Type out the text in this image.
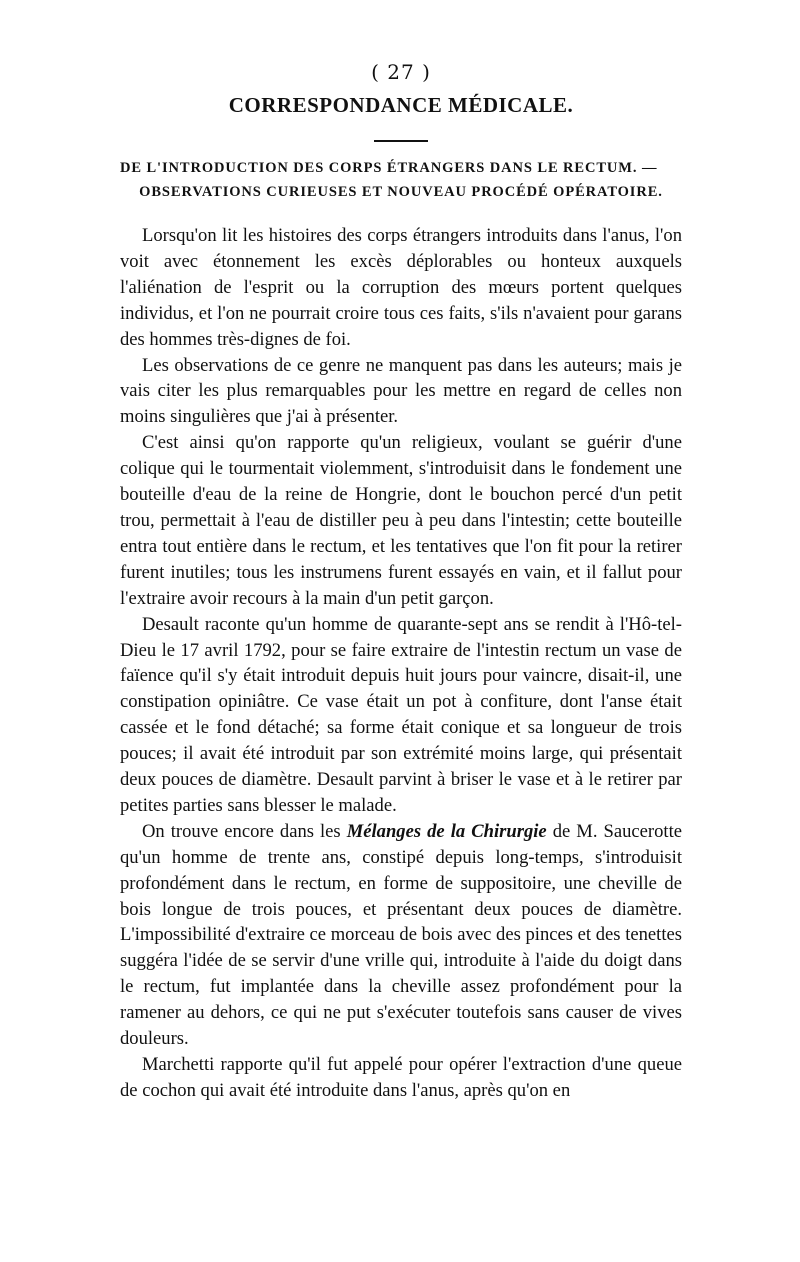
( 27 )
CORRESPONDANCE MÉDICALE.
DE L'INTRODUCTION DES CORPS ÉTRANGERS DANS LE RECTUM. —
OBSERVATIONS CURIEUSES ET NOUVEAU PROCÉDÉ OPÉRATOIRE.

Lorsqu'on lit les histoires des corps étrangers introduits dans l'anus, l'on voit avec étonnement les excès déplorables ou honteux auxquels l'aliénation de l'esprit ou la corruption des mœurs portent quelques individus, et l'on ne pourrait croire tous ces faits, s'ils n'avaient pour garans des hommes très-dignes de foi.

Les observations de ce genre ne manquent pas dans les auteurs; mais je vais citer les plus remarquables pour les mettre en regard de celles non moins singulières que j'ai à présenter.

C'est ainsi qu'on rapporte qu'un religieux, voulant se guérir d'une colique qui le tourmentait violemment, s'introduisit dans le fondement une bouteille d'eau de la reine de Hongrie, dont le bouchon percé d'un petit trou, permettait à l'eau de distiller peu à peu dans l'intestin; cette bouteille entra tout entière dans le rectum, et les tentatives que l'on fit pour la retirer furent inutiles; tous les instrumens furent essayés en vain, et il fallut pour l'extraire avoir recours à la main d'un petit garçon.

Desault raconte qu'un homme de quarante-sept ans se rendit à l'Hô-tel-Dieu le 17 avril 1792, pour se faire extraire de l'intestin rectum un vase de faïence qu'il s'y était introduit depuis huit jours pour vaincre, disait-il, une constipation opiniâtre. Ce vase était un pot à confiture, dont l'anse était cassée et le fond détaché; sa forme était conique et sa longueur de trois pouces; il avait été introduit par son extrémité moins large, qui présentait deux pouces de diamètre. Desault parvint à briser le vase et à le retirer par petites parties sans blesser le malade.

On trouve encore dans les Mélanges de la Chirurgie de M. Saucerotte qu'un homme de trente ans, constipé depuis long-temps, s'introduisit profondément dans le rectum, en forme de suppositoire, une cheville de bois longue de trois pouces, et présentant deux pouces de diamètre. L'impossibilité d'extraire ce morceau de bois avec des pinces et des tenettes suggéra l'idée de se servir d'une vrille qui, introduite à l'aide du doigt dans le rectum, fut implantée dans la cheville assez profondément pour la ramener au dehors, ce qui ne put s'exécuter toutefois sans causer de vives douleurs.

Marchetti rapporte qu'il fut appelé pour opérer l'extraction d'une queue de cochon qui avait été introduite dans l'anus, après qu'on en
